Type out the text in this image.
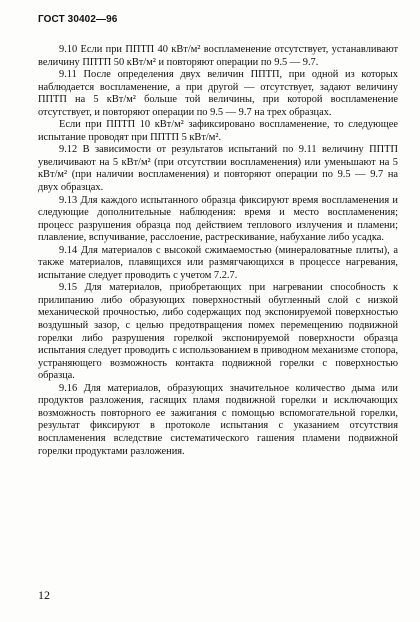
ГОСТ 30402—96

9.10 Если при ППТП 40 кВт/м² воспламенение отсутствует, устанавливают величину ППТП 50 кВт/м² и повторяют операции по 9.5 — 9.7.

9.11 После определения двух величин ППТП, при одной из которых наблюдается воспламенение, а при другой — отсутствует, задают величину ППТП на 5 кВт/м² больше той величины, при которой воспламенение отсутствует, и повторяют операции по 9.5 — 9.7 на трех образцах.

Если при ППТП 10 кВт/м² зафиксировано воспламенение, то следующее испытание проводят при ППТП 5 кВт/м².

9.12 В зависимости от результатов испытаний по 9.11 величину ППТП увеличивают на 5 кВт/м² (при отсутствии воспламенения) или уменьшают на 5 кВт/м² (при наличии воспламенения) и повторяют операции по 9.5 — 9.7 на двух образцах.

9.13 Для каждого испытанного образца фиксируют время воспламенения и следующие дополнительные наблюдения: время и место воспламенения; процесс разрушения образца под действием теплового излучения и пламени; плавление, вспучивание, расслоение, растрескивание, набухание либо усадка.

9.14 Для материалов с высокой сжимаемостью (минераловатные плиты), а также материалов, плавящихся или размягчающихся в процессе нагревания, испытание следует проводить с учетом 7.2.7.

9.15 Для материалов, приобретающих при нагревании способность к прилипанию либо образующих поверхностный обугленный слой с низкой механической прочностью, либо содержащих под экспонируемой поверхностью воздушный зазор, с целью предотвращения помех перемещению подвижной горелки либо разрушения горелкой экспонируемой поверхности образца испытания следует проводить с использованием в приводном механизме стопора, устраняющего возможность контакта подвижной горелки с поверхностью образца.

9.16 Для материалов, образующих значительное количество дыма или продуктов разложения, гасящих пламя подвижной горелки и исключающих возможность повторного ее зажигания с помощью вспомогательной горелки, результат фиксируют в протоколе испытания с указанием отсутствия воспламенения вследствие систематического гашения пламени подвижной горелки продуктами разложения.

12
